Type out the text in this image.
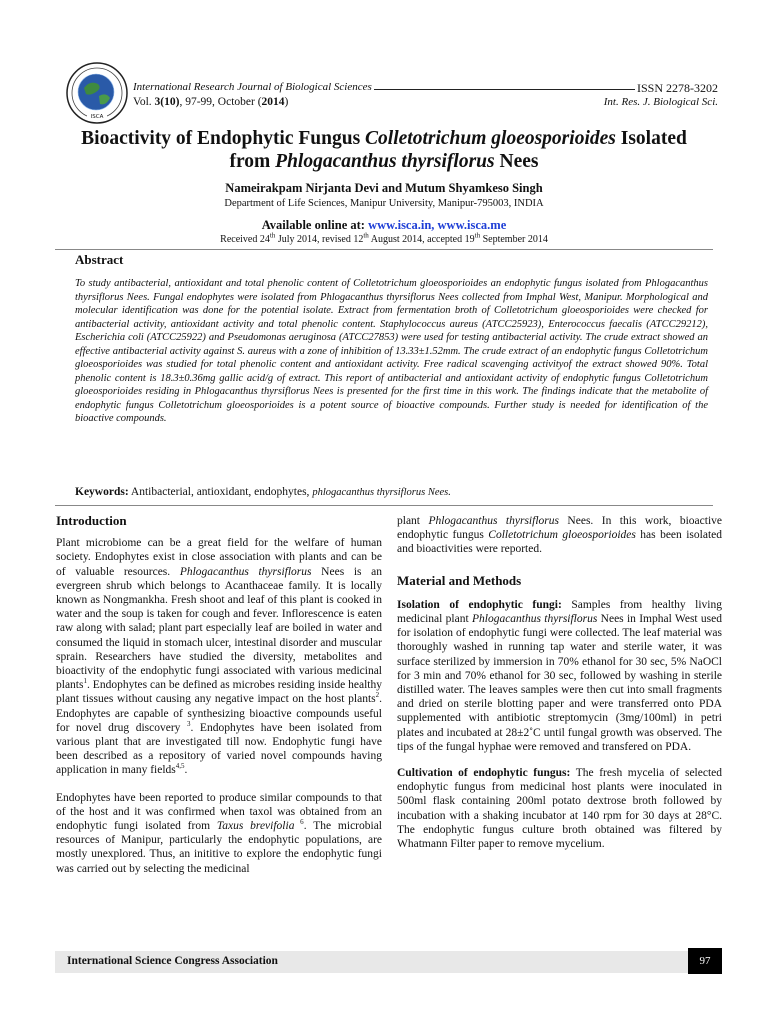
ISCA
International Research Journal of Biological Sciences	ISSN 2278-3202
Vol. 3(10), 97-99, October (2014)	Int. Res. J. Biological Sci.
Bioactivity of Endophytic Fungus Colletotrichum gloeosporioides Isolated
from Phlogacanthus thyrsiflorus Nees
Nameirakpam Nirjanta Devi and Mutum Shyamkeso Singh
Department of Life Sciences, Manipur University, Manipur-795003, INDIA
Available online at: www.isca.in, www.isca.me
Received 24th July 2014, revised 12th August 2014, accepted 19th September 2014
Abstract
To study antibacterial, antioxidant and total phenolic content of Colletotrichum gloeosporioides an endophytic fungus isolated from Phlogacanthus thyrsiflorus Nees. Fungal endophytes were isolated from Phlogacanthus thyrsiflorus Nees collected from Imphal West, Manipur. Morphological and molecular identification was done for the potential isolate. Extract from fermentation broth of Colletotrichum gloeosporioides were checked for antibacterial activity, antioxidant activity and total phenolic content. Staphylococcus aureus (ATCC25923), Enterococcus faecalis (ATCC29212), Escherichia coli (ATCC25922) and Pseudomonas aeruginosa (ATCC27853) were used for testing antibacterial activity. The crude extract showed an effective antibacterial activity against S. aureus with a zone of inhibition of 13.33±1.52mm. The crude extract of an endophytic fungus Colletotrichum gloeosporioides was studied for total phenolic content and antioxidant activity. Free radical scavenging activityof the extract showed 90%. Total phenolic content is 18.3±0.36mg gallic acid/g of extract. This report of antibacterial and antioxidant activity of endophytic fungus Colletotrichum gloeosporioides residing in Phlogacanthus thyrsiflorus Nees is presented for the first time in this work. The findings indicate that the metabolite of endophytic fungus Colletotrichum gloeosporioides is a potent source of bioactive compounds. Further study is needed for identification of the bioactive compounds.
Keywords: Antibacterial, antioxidant, endophytes, phlogacanthus thyrsiflorus Nees.
Introduction

Plant microbiome can be a great field for the welfare of human society. Endophytes exist in close association with plants and can be of valuable resources. Phlogacanthus thyrsiflorus Nees is an evergreen shrub which belongs to Acanthaceae family. It is locally known as Nongmankha. Fresh shoot and leaf of this plant is cooked in water and the soup is taken for cough and fever. Inflorescence is eaten raw along with salad; plant part especially leaf are boiled in water and consumed the liquid in stomach ulcer, intestinal disorder and muscular sprain. Researchers have studied the diversity, metabolites and bioactivity of the endophytic fungi associated with various medicinal plants$^1$. Endophytes can be defined as microbes residing inside healthy plant tissues without causing any negative impact on the host plants$^2$. Endophytes are capable of synthesizing bioactive compounds useful for novel drug discovery $^3$. Endophytes have been isolated from various plant that are investigated till now. Endophytic fungi have been described as a repository of varied novel compounds having application in many fields$^{4,5}$.

Endophytes have been reported to produce similar compounds to that of the host and it was confirmed when taxol was obtained from an endophytic fungi isolated from Taxus brevifolia $^6$. The microbial resources of Manipur, particularly the endophytic populations, are mostly unexplored. Thus, an inititive to explore the endophytic fungi was carried out by selecting the medicinal

plant Phlogacanthus thyrsiflorus Nees. In this work, bioactive endophytic fungus Colletotrichum gloeosporioides has been isolated and bioactivities were reported.

Material and Methods

Isolation of endophytic fungi: Samples from healthy living medicinal plant Phlogacanthus thyrsiflorus Nees in Imphal West used for isolation of endophytic fungi were collected. The leaf material was thoroughly washed in running tap water and sterile water, it was surface sterilized by immersion in 70% ethanol for 30 sec, 5% NaOCl for 3 min and 70% ethanol for 30 sec, followed by washing in sterile distilled water. The leaves samples were then cut into small fragments and dried on sterile blotting paper and were transferred onto PDA supplemented with antibiotic streptomycin (3mg/100ml) in petri plates and incubated at 28±2˚C until fungal growth was observed. The tips of the fungal hyphae were removed and transfered on PDA.

Cultivation of endophytic fungus: The fresh mycelia of selected endophytic fungus from medicinal host plants were inoculated in 500ml flask containing 200ml potato dextrose broth followed by incubation with a shaking incubator at 140 rpm for 30 days at 28°C. The endophytic fungus culture broth obtained was filtered by Whatmann Filter paper to remove mycelium.

International Science Congress Association	97
